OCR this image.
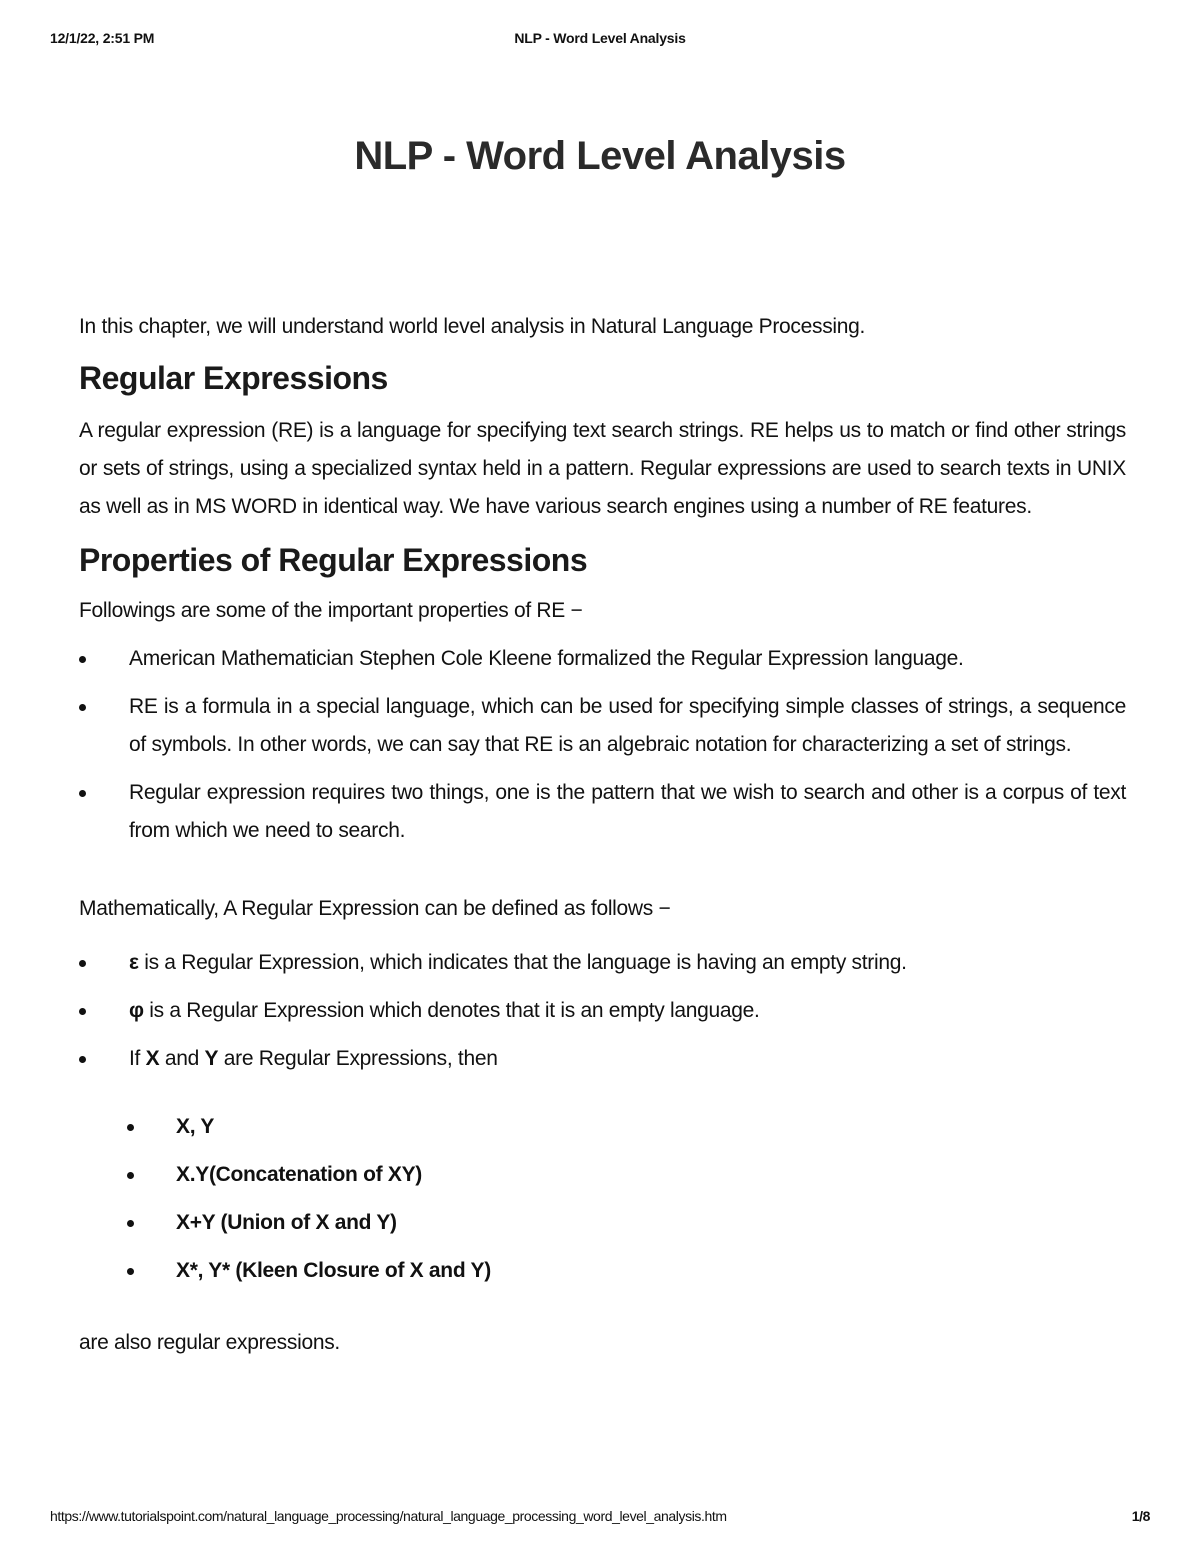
12/1/22, 2:51 PM	NLP - Word Level Analysis
NLP - Word Level Analysis

In this chapter, we will understand world level analysis in Natural Language Processing.

Regular Expressions

A regular expression (RE) is a language for specifying text search strings. RE helps us to match or find other strings or sets of strings, using a specialized syntax held in a pattern. Regular expressions are used to search texts in UNIX as well as in MS WORD in identical way. We have various search engines using a number of RE features.

Properties of Regular Expressions

Followings are some of the important properties of RE −

American Mathematician Stephen Cole Kleene formalized the Regular Expression language.
RE is a formula in a special language, which can be used for specifying simple classes of strings, a sequence of symbols. In other words, we can say that RE is an algebraic notation for characterizing a set of strings.
Regular expression requires two things, one is the pattern that we wish to search and other is a corpus of text from which we need to search.

Mathematically, A Regular Expression can be defined as follows −

ε is a Regular Expression, which indicates that the language is having an empty string.
φ is a Regular Expression which denotes that it is an empty language.
If X and Y are Regular Expressions, then
X, Y
X.Y(Concatenation of XY)
X+Y (Union of X and Y)
X*, Y* (Kleen Closure of X and Y)

are also regular expressions.

https://www.tutorialspoint.com/natural_language_processing/natural_language_processing_word_level_analysis.htm	1/8
